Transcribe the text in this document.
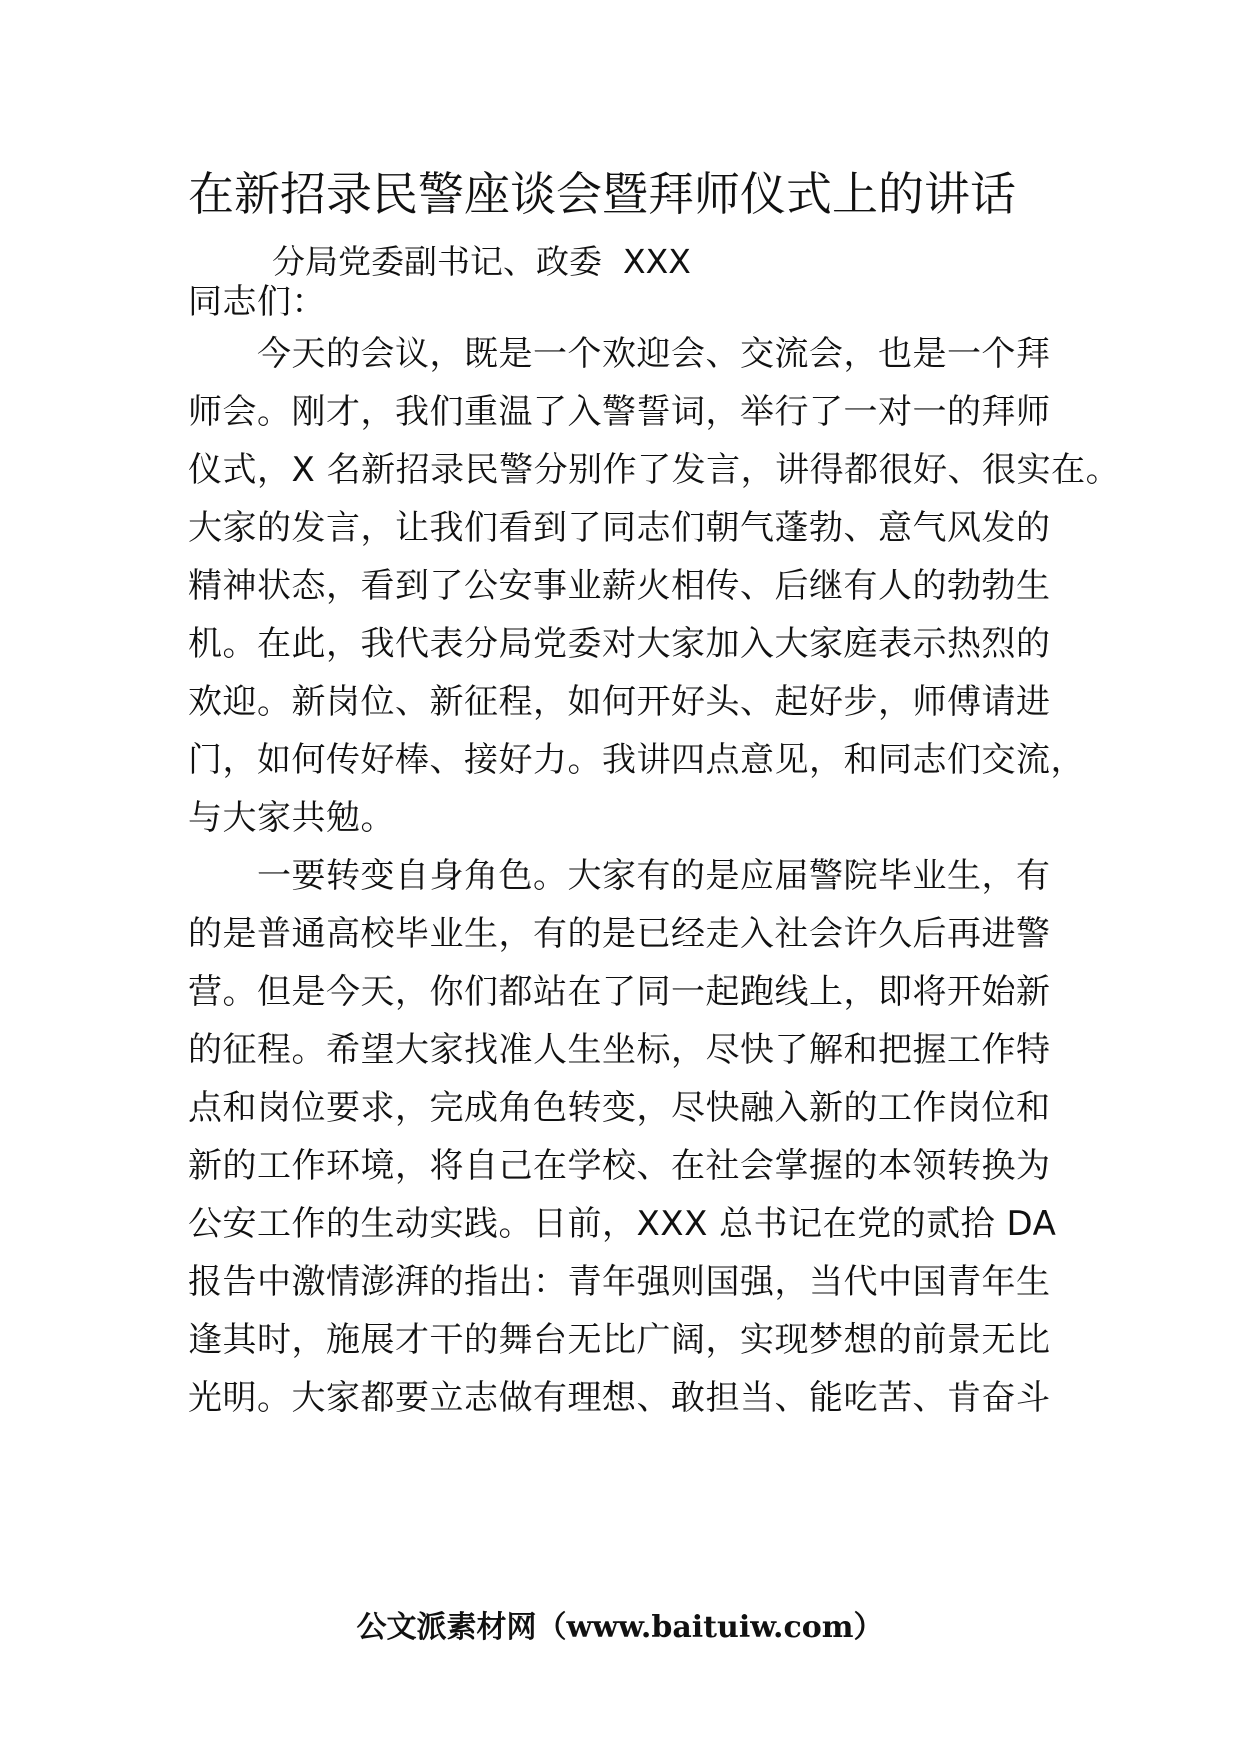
在新招录民警座谈会暨拜师仪式上的讲话
分局党委副书记、政委  XXX
同志们：
　　今天的会议，既是一个欢迎会、交流会，也是一个拜
师会。刚才，我们重温了入警誓词，举行了一对一的拜师
仪式，X 名新招录民警分别作了发言，讲得都很好、很实在。
大家的发言，让我们看到了同志们朝气蓬勃、意气风发的
精神状态，看到了公安事业薪火相传、后继有人的勃勃生
机。在此，我代表分局党委对大家加入大家庭表示热烈的
欢迎。新岗位、新征程，如何开好头、起好步，师傅请进
门，如何传好棒、接好力。我讲四点意见，和同志们交流，
与大家共勉。
　　一要转变自身角色。大家有的是应届警院毕业生，有
的是普通高校毕业生，有的是已经走入社会许久后再进警
营。但是今天，你们都站在了同一起跑线上，即将开始新
的征程。希望大家找准人生坐标，尽快了解和把握工作特
点和岗位要求，完成角色转变，尽快融入新的工作岗位和
新的工作环境，将自己在学校、在社会掌握的本领转换为
公安工作的生动实践。日前，XXX 总书记在党的贰拾 DA
报告中激情澎湃的指出：青年强则国强，当代中国青年生
逢其时，施展才干的舞台无比广阔，实现梦想的前景无比
光明。大家都要立志做有理想、敢担当、能吃苦、肯奋斗
公文派素材网（www.baituiw.com）
